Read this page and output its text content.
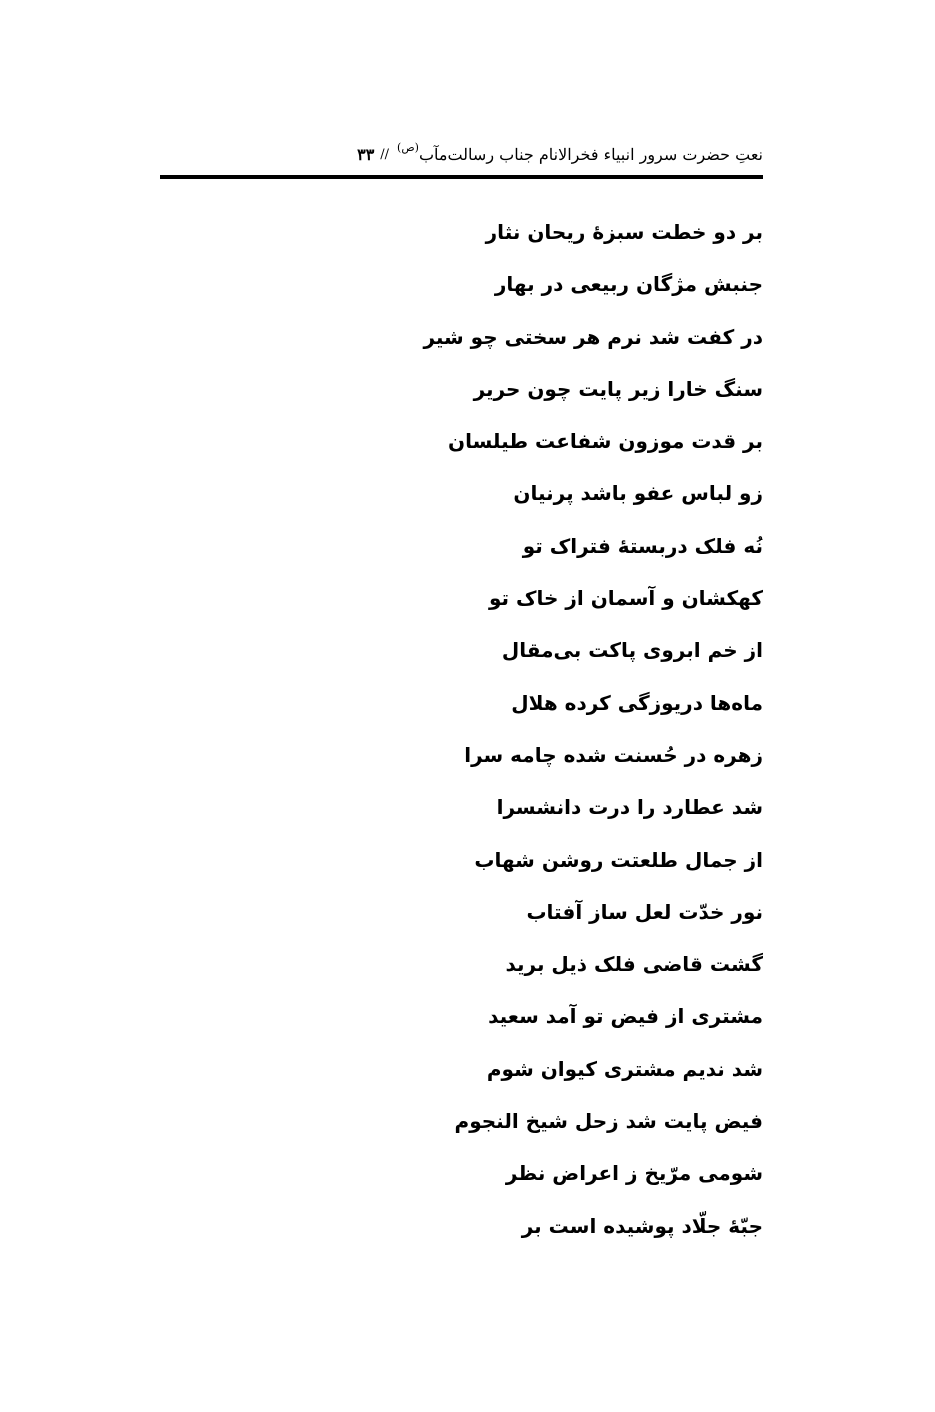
نعتِ حضرت سرور انبیاء فخرالانام جناب رسالت‌مآب
(ص)
//
۳۳
بر دو خطت سبزهٔ ریحان نثار
جنبش مژگان ربیعی در بهار
در کفت شد نرم هر سختی چو شیر
سنگ خارا زیر پایت چون حریر
بر قدت موزون شفاعت طیلسان
زو لباس عفو باشد پرنیان
نُه فلک دربستهٔ فتراک تو
کهکشان و آسمان از خاک تو
از خم ابروی پاکت بی‌مقال
ماه‌ها دریوزگی کرده هلال
زهره در حُسنت شده چامه سرا
شد عطارد را درت دانشسرا
از جمال طلعتت روشن شهاب
نور خدّت لعل ساز آفتاب
گشت قاضی فلک ذیل برید
مشتری از فیض تو آمد سعید
شد ندیم مشتری کیوان شوم
فیض پایت شد زحل شیخ النجوم
شومی مرّیخ ز اعراض نظر
جبّهٔ جلّاد پوشیده است بر
